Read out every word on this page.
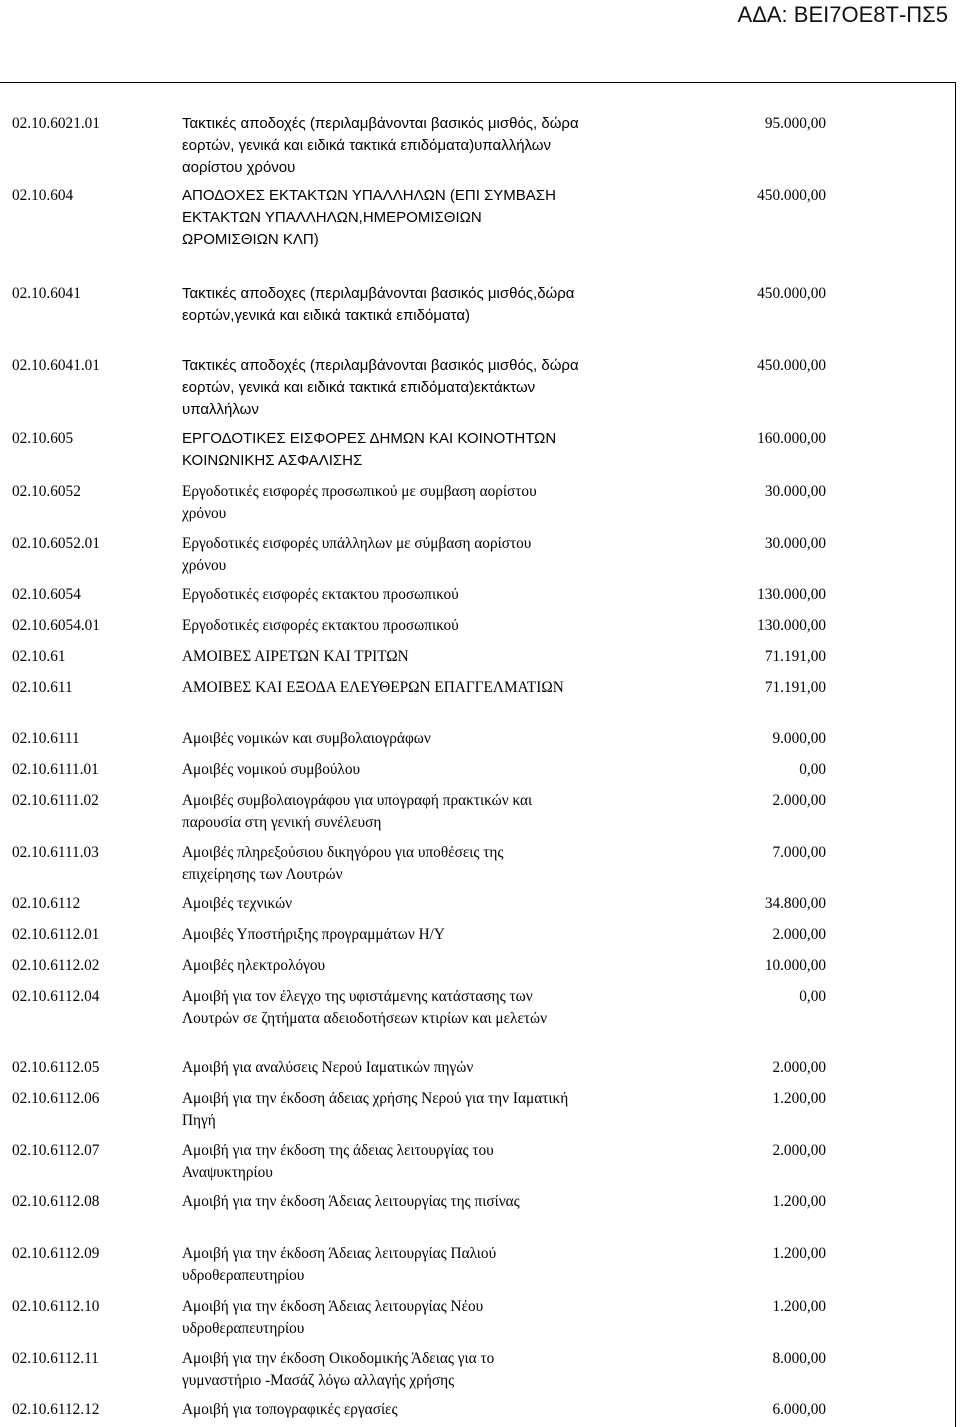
ΑΔΑ: ΒΕΙ7ΟΕ8Τ-ΠΣ5
02.10.6021.01	Τακτικές αποδοχές (περιλαμβάνονται βασικός μισθός, δώρα
εορτών, γενικά και ειδικά τακτικά επιδόματα)υπαλλήλων
αορίστου χρόνου
95.000,00
02.10.604	ΑΠΟΔΟΧΕΣ ΕΚΤΑΚΤΩΝ ΥΠΑΛΛΗΛΩΝ (ΕΠΙ ΣΥΜΒΑΣΗ
ΕΚΤΑΚΤΩΝ ΥΠΑΛΛΗΛΩΝ,ΗΜΕΡΟΜΙΣΘΙΩΝ
ΩΡΟΜΙΣΘΙΩΝ ΚΛΠ)
450.000,00
02.10.6041	Τακτικές αποδοχες (περιλαμβάνονται βασικός μισθός,δώρα
εορτών,γενικά και ειδικά τακτικά επιδόματα)
450.000,00
02.10.6041.01	Τακτικές αποδοχές (περιλαμβάνονται βασικός μισθός, δώρα
εορτών, γενικά και ειδικά τακτικά επιδόματα)εκτάκτων
υπαλλήλων
450.000,00
02.10.605	ΕΡΓΟΔΟΤΙΚΕΣ ΕΙΣΦΟΡΕΣ ΔΗΜΩΝ ΚΑΙ ΚΟΙΝΟΤΗΤΩΝ
ΚΟΙΝΩΝΙΚΗΣ ΑΣΦΑΛΙΣΗΣ
160.000,00
02.10.6052	Εργοδοτικές εισφορές προσωπικού με συμβαση αορίστου
χρόνου
30.000,00
02.10.6052.01	Εργοδοτικές εισφορές υπάλληλων με σύμβαση αορίστου
χρόνου
30.000,00
02.10.6054	Εργοδοτικές εισφορές εκτακτου προσωπικού	130.000,00
02.10.6054.01	Εργοδοτικές εισφορές εκτακτου προσωπικού	130.000,00
02.10.61	ΑΜΟΙΒΕΣ ΑΙΡΕΤΩΝ ΚΑΙ ΤΡΙΤΩΝ	71.191,00
02.10.611	ΑΜΟΙΒΕΣ ΚΑΙ ΕΞΟΔΑ ΕΛΕΥΘΕΡΩΝ ΕΠΑΓΓΕΛΜΑΤΙΩΝ	71.191,00
02.10.6111	Αμοιβές νομικών και συμβολαιογράφων	9.000,00
02.10.6111.01	Αμοιβές νομικού συμβούλου	0,00
02.10.6111.02	Αμοιβές συμβολαιογράφου για υπογραφή πρακτικών και
παρουσία στη γενική συνέλευση
2.000,00
02.10.6111.03	Αμοιβές πληρεξούσιου δικηγόρου για υποθέσεις της
επιχείρησης των Λουτρών
7.000,00
02.10.6112	Αμοιβές τεχνικών	34.800,00
02.10.6112.01	Αμοιβές Υποστήριξης προγραμμάτων Η/Υ	2.000,00
02.10.6112.02	Αμοιβές ηλεκτρολόγου	10.000,00
02.10.6112.04	Αμοιβή για τον έλεγχο της υφιστάμενης κατάστασης των
Λουτρών σε ζητήματα αδειοδοτήσεων κτιρίων και μελετών
0,00
02.10.6112.05	Αμοιβή για αναλύσεις Νερού Ιαματικών πηγών	2.000,00
02.10.6112.06	Αμοιβή για την έκδοση άδειας χρήσης Νερού για την Ιαματική
Πηγή
1.200,00
02.10.6112.07	Αμοιβή για την έκδοση της άδειας λειτουργίας του
Αναψυκτηρίου
2.000,00
02.10.6112.08	Αμοιβή για την έκδοση Άδειας λειτουργίας της πισίνας	1.200,00
02.10.6112.09	Αμοιβή για την έκδοση Άδειας λειτουργίας Παλιού
υδροθεραπευτηρίου
1.200,00
02.10.6112.10	Αμοιβή για την έκδοση Άδειας λειτουργίας Νέου
υδροθεραπευτηρίου
1.200,00
02.10.6112.11	Αμοιβή για την έκδοση Οικοδομικής Άδειας για το
γυμναστήριο -Μασάζ λόγω αλλαγής χρήσης
8.000,00
02.10.6112.12	Αμοιβή για τοπογραφικές εργασίες	6.000,00
